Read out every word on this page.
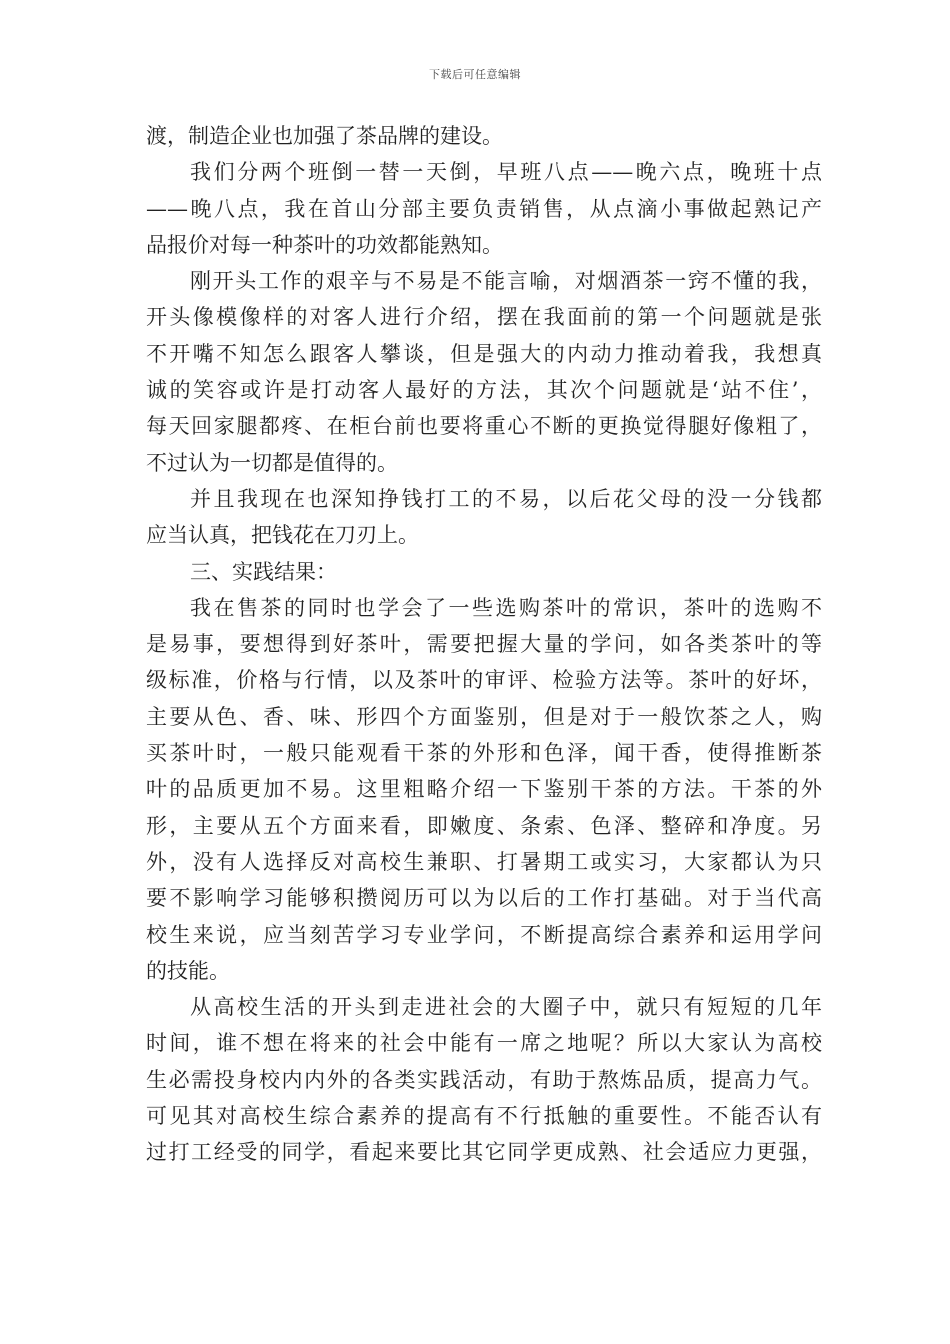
下载后可任意编辑
渡，制造企业也加强了茶品牌的建设。
我们分两个班倒一替一天倒，早班八点——晚六点，晚班十点
——晚八点，我在首山分部主要负责销售，从点滴小事做起熟记产
品报价对每一种茶叶的功效都能熟知。
刚开头工作的艰辛与不易是不能言喻，对烟酒茶一窍不懂的我，
开头像模像样的对客人进行介绍，摆在我面前的第一个问题就是张
不开嘴不知怎么跟客人攀谈，但是强大的内动力推动着我，我想真
诚的笑容或许是打动客人最好的方法，其次个问题就是‘站不住’，
每天回家腿都疼、在柜台前也要将重心不断的更换觉得腿好像粗了，
不过认为一切都是值得的。
并且我现在也深知挣钱打工的不易，以后花父母的没一分钱都
应当认真，把钱花在刀刃上。
三、实践结果：
我在售茶的同时也学会了一些选购茶叶的常识，茶叶的选购不
是易事，要想得到好茶叶，需要把握大量的学问，如各类茶叶的等
级标准，价格与行情，以及茶叶的审评、检验方法等。茶叶的好坏，
主要从色、香、味、形四个方面鉴别，但是对于一般饮茶之人，购
买茶叶时，一般只能观看干茶的外形和色泽，闻干香，使得推断茶
叶的品质更加不易。这里粗略介绍一下鉴别干茶的方法。干茶的外
形，主要从五个方面来看，即嫩度、条索、色泽、整碎和净度。另
外，没有人选择反对高校生兼职、打暑期工或实习，大家都认为只
要不影响学习能够积攒阅历可以为以后的工作打基础。对于当代高
校生来说，应当刻苦学习专业学问，不断提高综合素养和运用学问
的技能。
从高校生活的开头到走进社会的大圈子中，就只有短短的几年
时间，谁不想在将来的社会中能有一席之地呢？所以大家认为高校
生必需投身校内内外的各类实践活动，有助于熬炼品质，提高力气。
可见其对高校生综合素养的提高有不行抵触的重要性。不能否认有
过打工经受的同学，看起来要比其它同学更成熟、社会适应力更强，
